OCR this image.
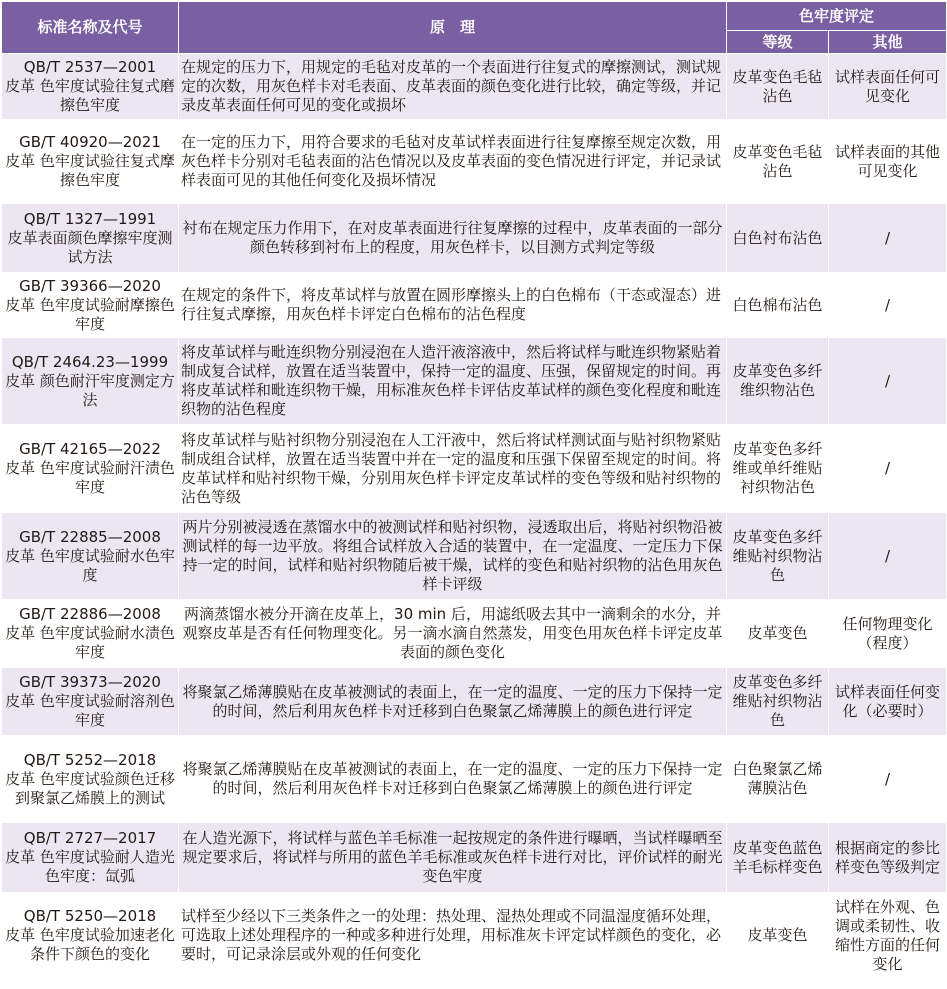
标准名称及代号	原　理	色牢度评定	
		等级	其他

QB/T 2537—2001
皮革 色牢度试验往复式磨擦色牢度	在规定的压力下，用规定的毛毡对皮革的一个表面进行往复式的摩擦测试，测试规定的次数，用灰色样卡对毛表面、皮革表面的颜色变化进行比较，确定等级，并记录皮革表面任何可见的变化或损坏	皮革变色毛毡沾色	试样表面任何可见变化

GB/T 40920—2021
皮革 色牢度试验往复式摩擦色牢度	在一定的压力下，用符合要求的毛毡对皮革试样表面进行往复摩擦至规定次数，用灰色样卡分别对毛毡表面的沾色情况以及皮革表面的变色情况进行评定，并记录试样表面可见的其他任何变化及损坏情况	皮革变色毛毡沾色	试样表面的其他可见变化

QB/T 1327—1991
皮革表面颜色摩擦牢度测试方法	衬布在规定压力作用下，在对皮革表面进行往复摩擦的过程中，皮革表面的一部分颜色转移到衬布上的程度，用灰色样卡，以目测方式判定等级	白色衬布沾色	/

GB/T 39366—2020
皮革 色牢度试验耐摩擦色牢度	在规定的条件下，将皮革试样与放置在圆形摩擦头上的白色棉布（干态或湿态）进行往复式摩擦，用灰色样卡评定白色棉布的沾色程度	白色棉布沾色	/

QB/T 2464.23—1999
皮革 颜色耐汗牢度测定方法	将皮革试样与毗连织物分别浸泡在人造汗液溶液中，然后将试样与毗连织物紧贴着制成复合试样，放置在适当装置中，保持一定的温度、压强，保留规定的时间。再将皮革试样和毗连织物干燥，用标准灰色样卡评估皮革试样的颜色变化程度和毗连织物的沾色程度	皮革变色多纤维织物沾色	/

GB/T 42165—2022
皮革 色牢度试验耐汗渍色牢度	将皮革试样与贴衬织物分别浸泡在人工汗液中，然后将试样测试面与贴衬织物紧贴制成组合试样，放置在适当装置中并在一定的温度和压强下保留至规定的时间。将皮革试样和贴衬织物干燥，分别用灰色样卡评定皮革试样的变色等级和贴衬织物的沾色等级	皮革变色多纤维或单纤维贴衬织物沾色	/

GB/T 22885—2008
皮革 色牢度试验耐水色牢度	两片分别被浸透在蒸馏水中的被测试样和贴衬织物，浸透取出后，将贴衬织物沿被测试样的每一边平放。将组合试样放入合适的装置中，在一定温度、一定压力下保持一定的时间，试样和贴衬织物随后被干燥，试样的变色和贴衬织物的沾色用灰色样卡评级	皮革变色多纤维贴衬织物沾色	/

GB/T 22886—2008
皮革 色牢度试验耐水渍色牢度	两滴蒸馏水被分开滴在皮革上，30 min 后，用滤纸吸去其中一滴剩余的水分，并观察皮革是否有任何物理变化。另一滴水滴自然蒸发，用变色用灰色样卡评定皮革表面的颜色变化	皮革变色	任何物理变化（程度）

GB/T 39373—2020
皮革 色牢度试验耐溶剂色牢度	将聚氯乙烯薄膜贴在皮革被测试的表面上，在一定的温度、一定的压力下保持一定的时间，然后利用灰色样卡对迁移到白色聚氯乙烯薄膜上的颜色进行评定	皮革变色多纤维贴衬织物沾色	试样表面任何变化（必要时）

QB/T 5252—2018
皮革 色牢度试验颜色迁移到聚氯乙烯膜上的测试	将聚氯乙烯薄膜贴在皮革被测试的表面上，在一定的温度、一定的压力下保持一定的时间，然后利用灰色样卡对迁移到白色聚氯乙烯薄膜上的颜色进行评定	白色聚氯乙烯薄膜沾色	/

QB/T 2727—2017
皮革 色牢度试验耐人造光色牢度：氙弧	在人造光源下，将试样与蓝色羊毛标准一起按规定的条件进行曝晒，当试样曝晒至规定要求后，将试样与所用的蓝色羊毛标准或灰色样卡进行对比，评价试样的耐光变色牢度	皮革变色蓝色羊毛标样变色	根据商定的参比样变色等级判定

QB/T 5250—2018
皮革 色牢度试验加速老化条件下颜色的变化	试样至少经以下三类条件之一的处理：热处理、湿热处理或不同温湿度循环处理，可选取上述处理程序的一种或多种进行处理，用标准灰卡评定试样颜色的变化，必要时，可记录涂层或外观的任何变化	皮革变色	试样在外观、色调或柔韧性、收缩性方面的任何变化
